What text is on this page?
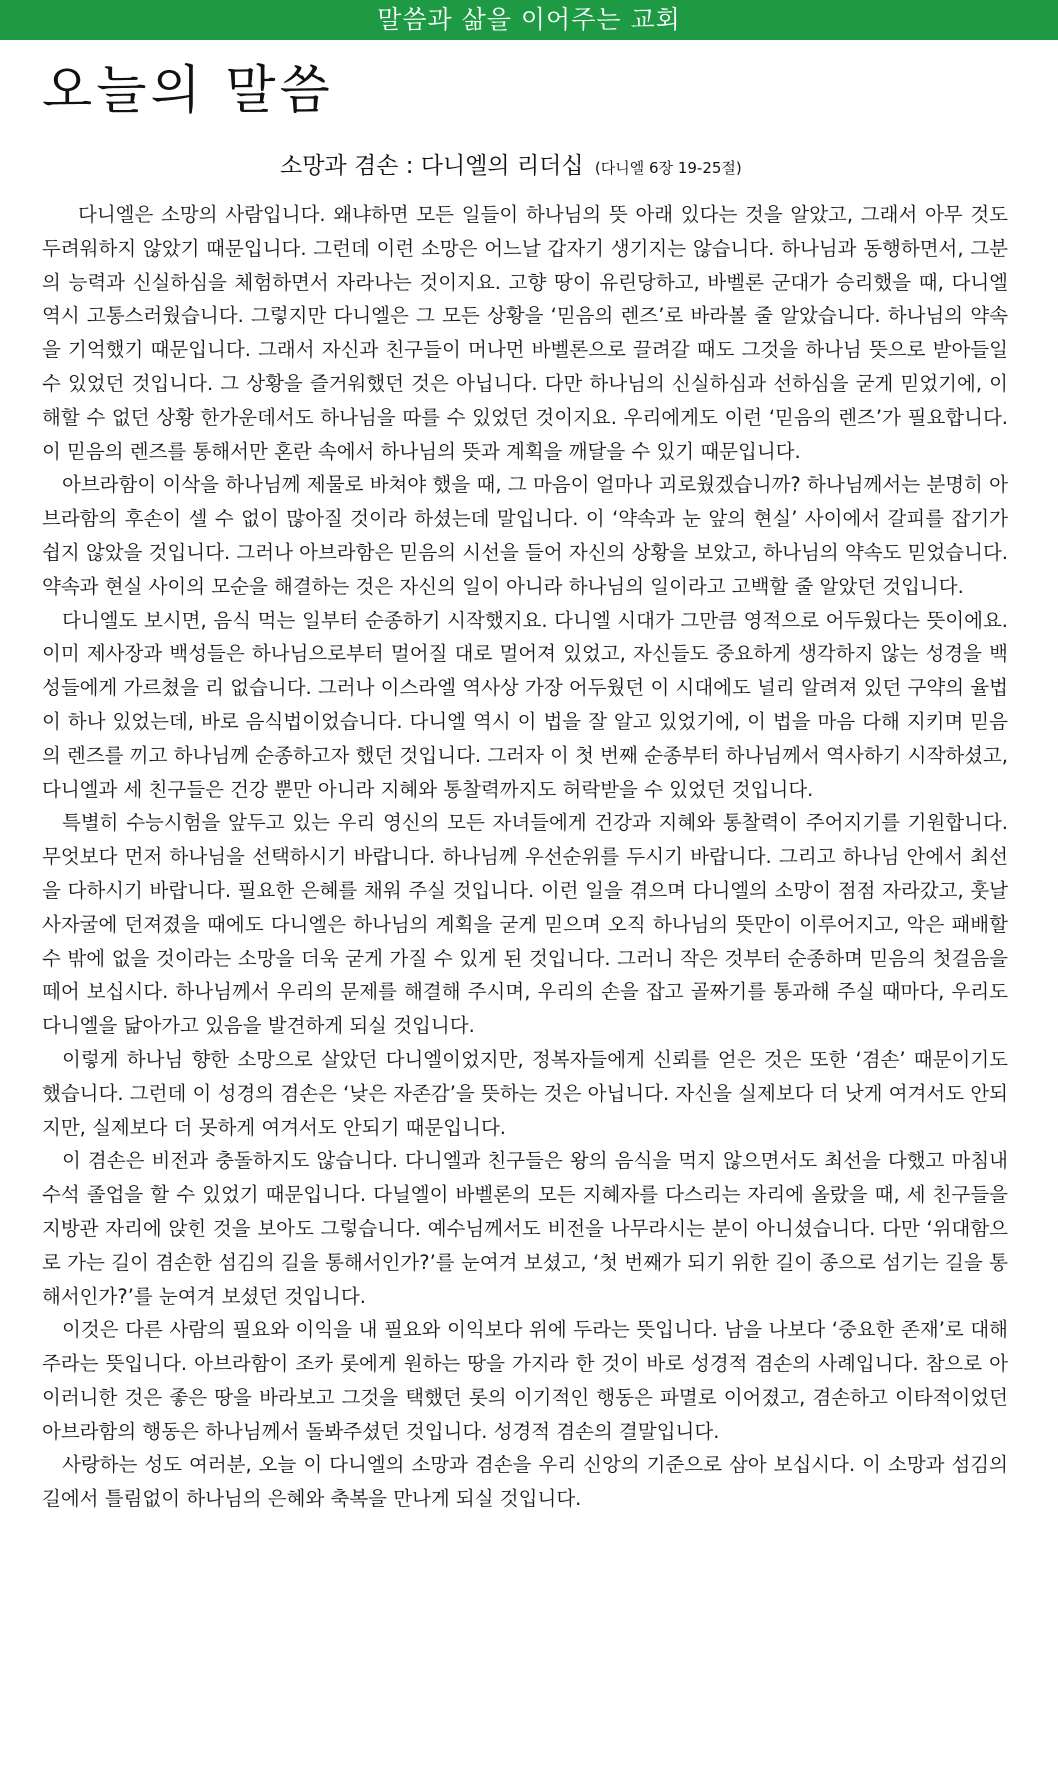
말씀과 삶을 이어주는 교회
오늘의 말씀
소망과 겸손 : 다니엘의 리더십 (다니엘 6장 19-25절)

다니엘은 소망의 사람입니다. 왜냐하면 모든 일들이 하나님의 뜻 아래 있다는 것을 알았고, 그래서 아무 것도 두려워하지 않았기 때문입니다. 그런데 이런 소망은 어느날 갑자기 생기지는 않습니다. 하나님과 동행하면서, 그분의 능력과 신실하심을 체험하면서 자라나는 것이지요. 고향 땅이 유린당하고, 바벨론 군대가 승리했을 때, 다니엘 역시 고통스러웠습니다. 그렇지만 다니엘은 그 모든 상황을 ‘믿음의 렌즈’로 바라볼 줄 알았습니다. 하나님의 약속을 기억했기 때문입니다. 그래서 자신과 친구들이 머나먼 바벨론으로 끌려갈 때도 그것을 하나님 뜻으로 받아들일 수 있었던 것입니다. 그 상황을 즐거워했던 것은 아닙니다. 다만 하나님의 신실하심과 선하심을 굳게 믿었기에, 이해할 수 없던 상황 한가운데서도 하나님을 따를 수 있었던 것이지요. 우리에게도 이런 ‘믿음의 렌즈’가 필요합니다. 이 믿음의 렌즈를 통해서만 혼란 속에서 하나님의 뜻과 계획을 깨달을 수 있기 때문입니다.

아브라함이 이삭을 하나님께 제물로 바쳐야 했을 때, 그 마음이 얼마나 괴로웠겠습니까? 하나님께서는 분명히 아브라함의 후손이 셀 수 없이 많아질 것이라 하셨는데 말입니다. 이 ‘약속과 눈 앞의 현실’ 사이에서 갈피를 잡기가 쉽지 않았을 것입니다. 그러나 아브라함은 믿음의 시선을 들어 자신의 상황을 보았고, 하나님의 약속도 믿었습니다. 약속과 현실 사이의 모순을 해결하는 것은 자신의 일이 아니라 하나님의 일이라고 고백할 줄 알았던 것입니다.

다니엘도 보시면, 음식 먹는 일부터 순종하기 시작했지요. 다니엘 시대가 그만큼 영적으로 어두웠다는 뜻이에요. 이미 제사장과 백성들은 하나님으로부터 멀어질 대로 멀어져 있었고, 자신들도 중요하게 생각하지 않는 성경을 백성들에게 가르쳤을 리 없습니다. 그러나 이스라엘 역사상 가장 어두웠던 이 시대에도 널리 알려져 있던 구약의 율법이 하나 있었는데, 바로 음식법이었습니다. 다니엘 역시 이 법을 잘 알고 있었기에, 이 법을 마음 다해 지키며 믿음의 렌즈를 끼고 하나님께 순종하고자 했던 것입니다. 그러자 이 첫 번째 순종부터 하나님께서 역사하기 시작하셨고, 다니엘과 세 친구들은 건강 뿐만 아니라 지혜와 통찰력까지도 허락받을 수 있었던 것입니다.

특별히 수능시험을 앞두고 있는 우리 영신의 모든 자녀들에게 건강과 지혜와 통찰력이 주어지기를 기원합니다. 무엇보다 먼저 하나님을 선택하시기 바랍니다. 하나님께 우선순위를 두시기 바랍니다. 그리고 하나님 안에서 최선을 다하시기 바랍니다. 필요한 은혜를 채워 주실 것입니다. 이런 일을 겪으며 다니엘의 소망이 점점 자라갔고, 훗날 사자굴에 던져졌을 때에도 다니엘은 하나님의 계획을 굳게 믿으며 오직 하나님의 뜻만이 이루어지고, 악은 패배할 수 밖에 없을 것이라는 소망을 더욱 굳게 가질 수 있게 된 것입니다. 그러니 작은 것부터 순종하며 믿음의 첫걸음을 떼어 보십시다. 하나님께서 우리의 문제를 해결해 주시며, 우리의 손을 잡고 골짜기를 통과해 주실 때마다, 우리도 다니엘을 닮아가고 있음을 발견하게 되실 것입니다.

이렇게 하나님 향한 소망으로 살았던 다니엘이었지만, 정복자들에게 신뢰를 얻은 것은 또한 ‘겸손’ 때문이기도 했습니다. 그런데 이 성경의 겸손은 ‘낮은 자존감’을 뜻하는 것은 아닙니다. 자신을 실제보다 더 낫게 여겨서도 안되지만, 실제보다 더 못하게 여겨서도 안되기 때문입니다.

이 겸손은 비전과 충돌하지도 않습니다. 다니엘과 친구들은 왕의 음식을 먹지 않으면서도 최선을 다했고 마침내 수석 졸업을 할 수 있었기 때문입니다. 다닐엘이 바벨론의 모든 지혜자를 다스리는 자리에 올랐을 때, 세 친구들을 지방관 자리에 앉힌 것을 보아도 그렇습니다. 예수님께서도 비전을 나무라시는 분이 아니셨습니다. 다만 ‘위대함으로 가는 길이 겸손한 섬김의 길을 통해서인가?’를 눈여겨 보셨고, ‘첫 번째가 되기 위한 길이 종으로 섬기는 길을 통해서인가?’를 눈여겨 보셨던 것입니다.

이것은 다른 사람의 필요와 이익을 내 필요와 이익보다 위에 두라는 뜻입니다. 남을 나보다 ‘중요한 존재’로 대해 주라는 뜻입니다. 아브라함이 조카 롯에게 원하는 땅을 가지라 한 것이 바로 성경적 겸손의 사례입니다. 참으로 아이러니한 것은 좋은 땅을 바라보고 그것을 택했던 롯의 이기적인 행동은 파멸로 이어졌고, 겸손하고 이타적이었던 아브라함의 행동은 하나님께서 돌봐주셨던 것입니다. 성경적 겸손의 결말입니다.

사랑하는 성도 여러분, 오늘 이 다니엘의 소망과 겸손을 우리 신앙의 기준으로 삼아 보십시다. 이 소망과 섬김의 길에서 틀림없이 하나님의 은혜와 축복을 만나게 되실 것입니다.
